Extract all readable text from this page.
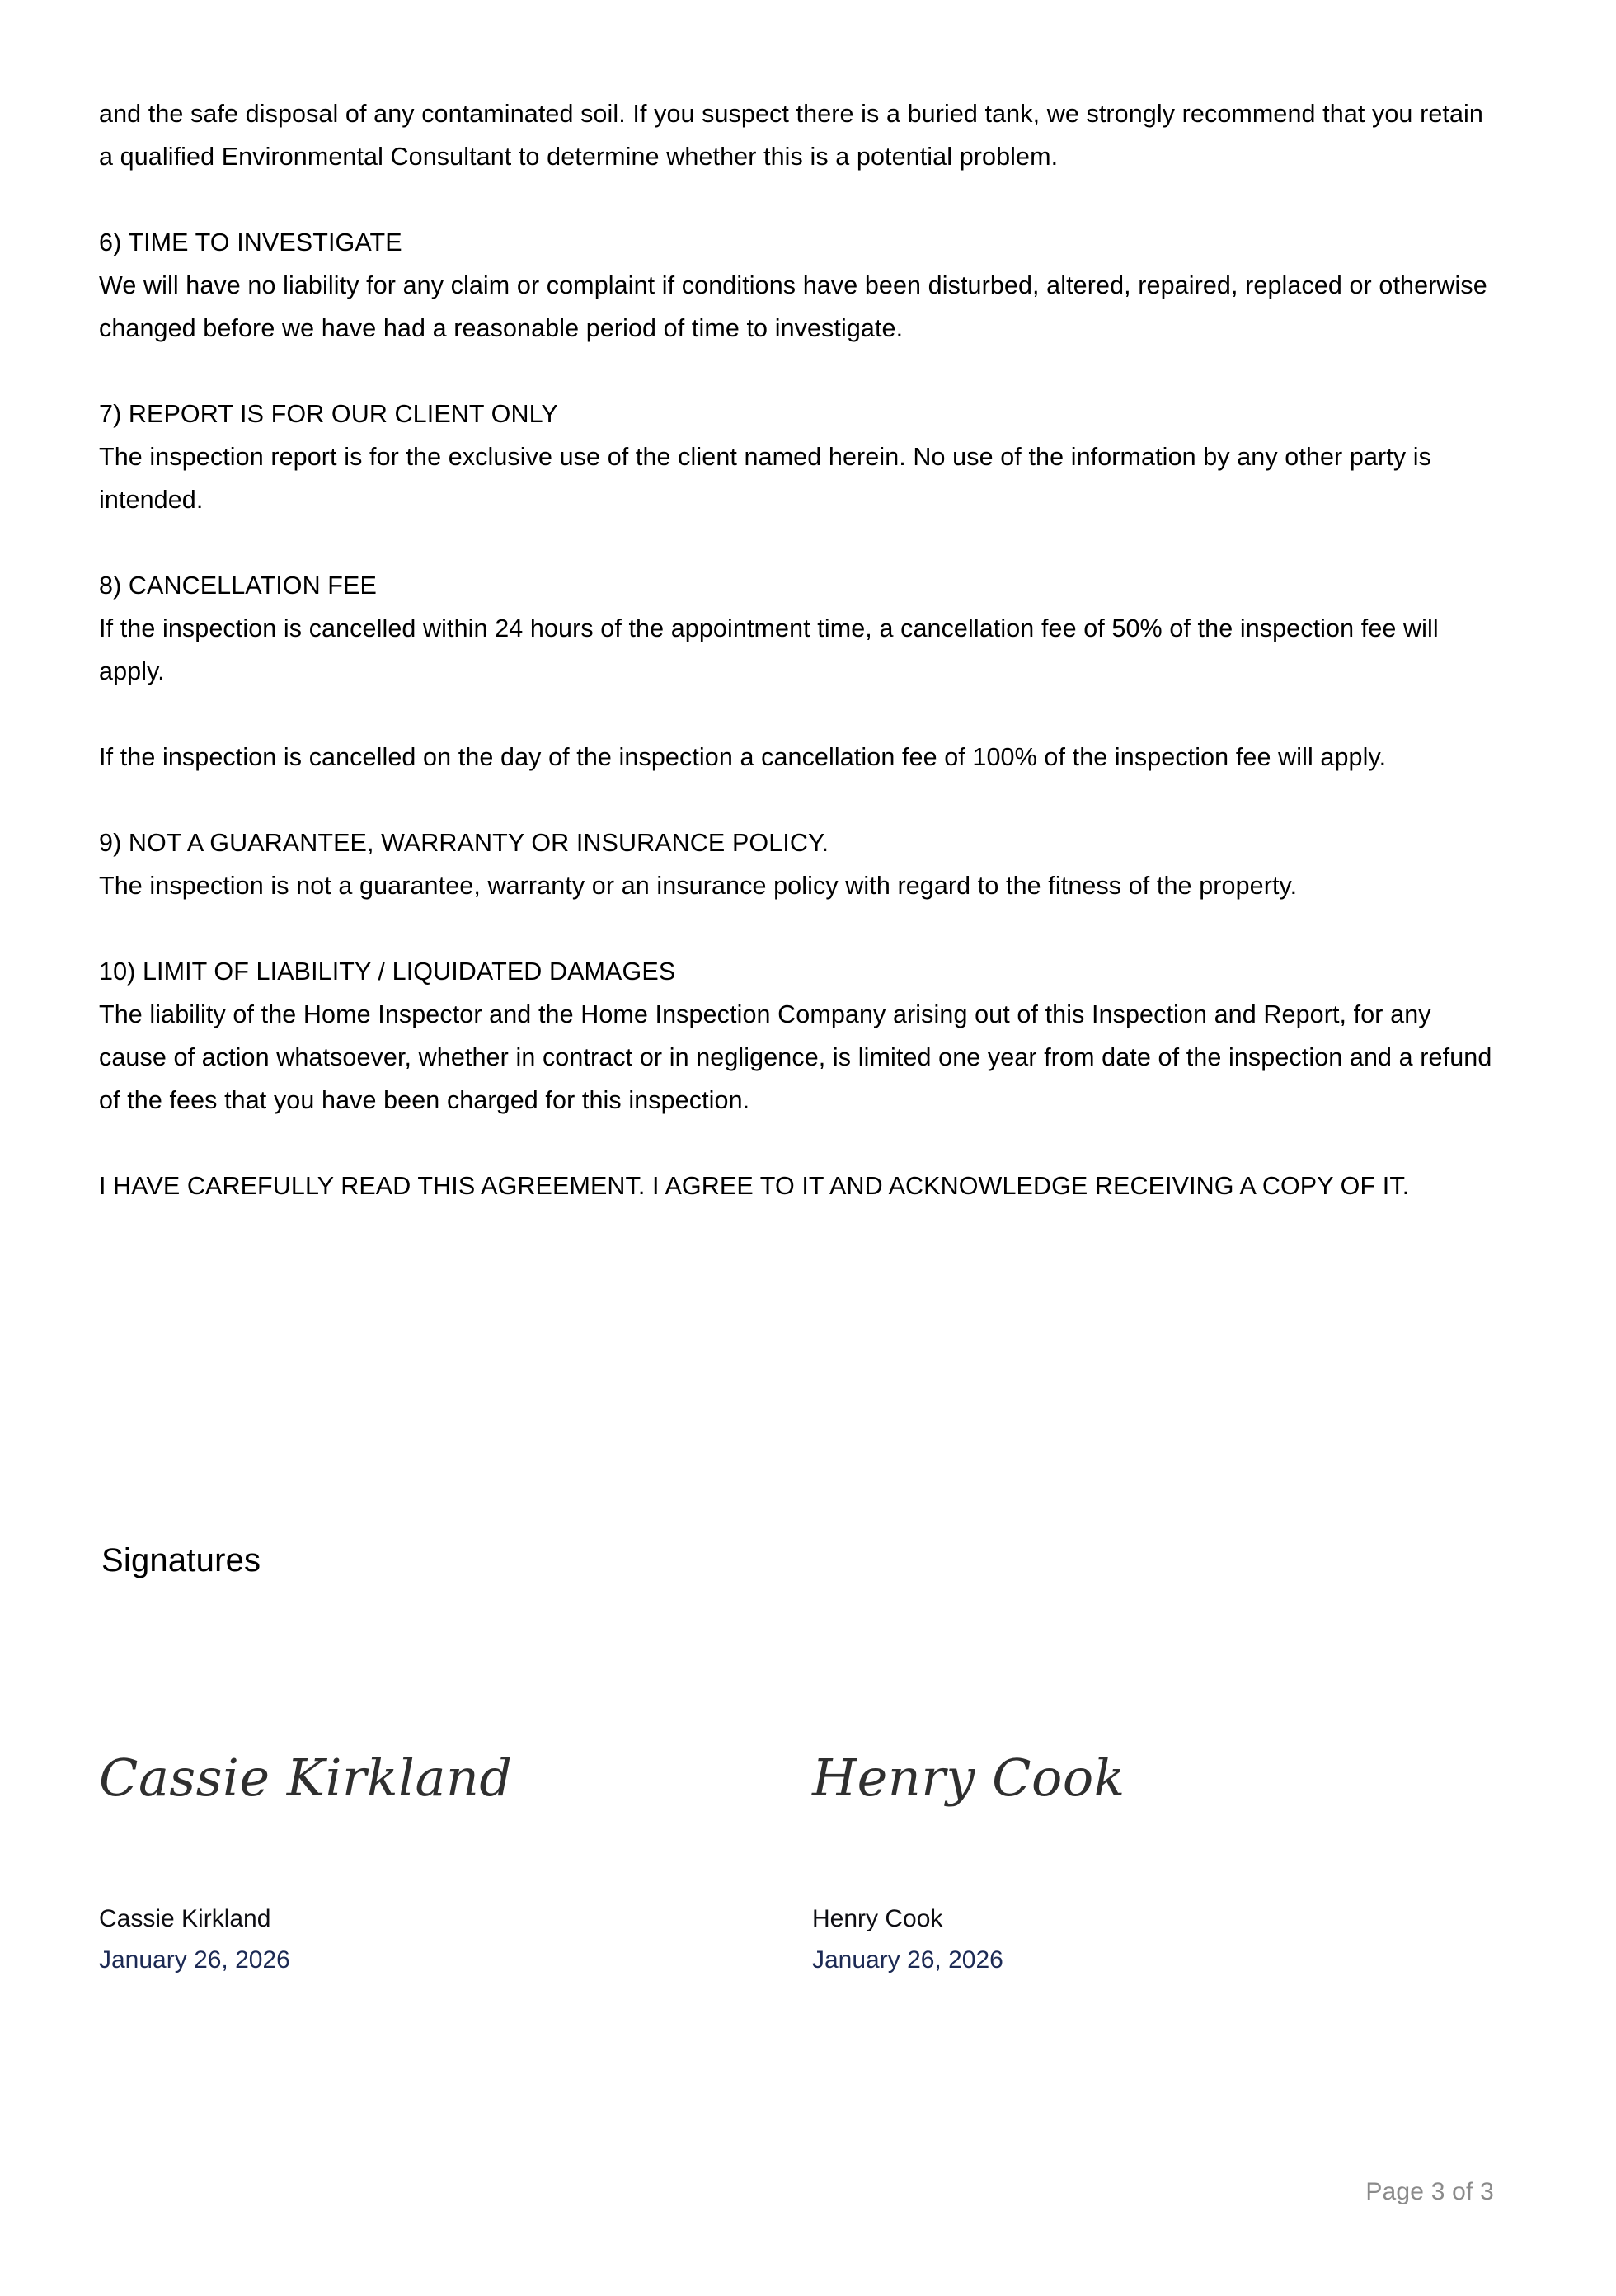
and the safe disposal of any contaminated soil. If you suspect there is a buried tank, we strongly recommend that you retain a qualified Environmental Consultant to determine whether this is a potential problem.

6) TIME TO INVESTIGATE
We will have no liability for any claim or complaint if conditions have been disturbed, altered, repaired, replaced or otherwise changed before we have had a reasonable period of time to investigate.

7) REPORT IS FOR OUR CLIENT ONLY
The inspection report is for the exclusive use of the client named herein. No use of the information by any other party is intended.

8) CANCELLATION FEE
If the inspection is cancelled within 24 hours of the appointment time, a cancellation fee of 50% of the inspection fee will apply.

If the inspection is cancelled on the day of the inspection a cancellation fee of 100% of the inspection fee will apply.

9) NOT A GUARANTEE, WARRANTY OR INSURANCE POLICY.
The inspection is not a guarantee, warranty or an insurance policy with regard to the fitness of the property.

10) LIMIT OF LIABILITY / LIQUIDATED DAMAGES
The liability of the Home Inspector and the Home Inspection Company arising out of this Inspection and Report, for any cause of action whatsoever, whether in contract or in negligence, is limited one year from date of the inspection and a refund of the fees that you have been charged for this inspection.

I HAVE CAREFULLY READ THIS AGREEMENT. I AGREE TO IT AND ACKNOWLEDGE RECEIVING A COPY OF IT.

Signatures
Cassie Kirkland
Cassie Kirkland
January 26, 2026
Henry Cook
Henry Cook
January 26, 2026
Page 3 of 3
